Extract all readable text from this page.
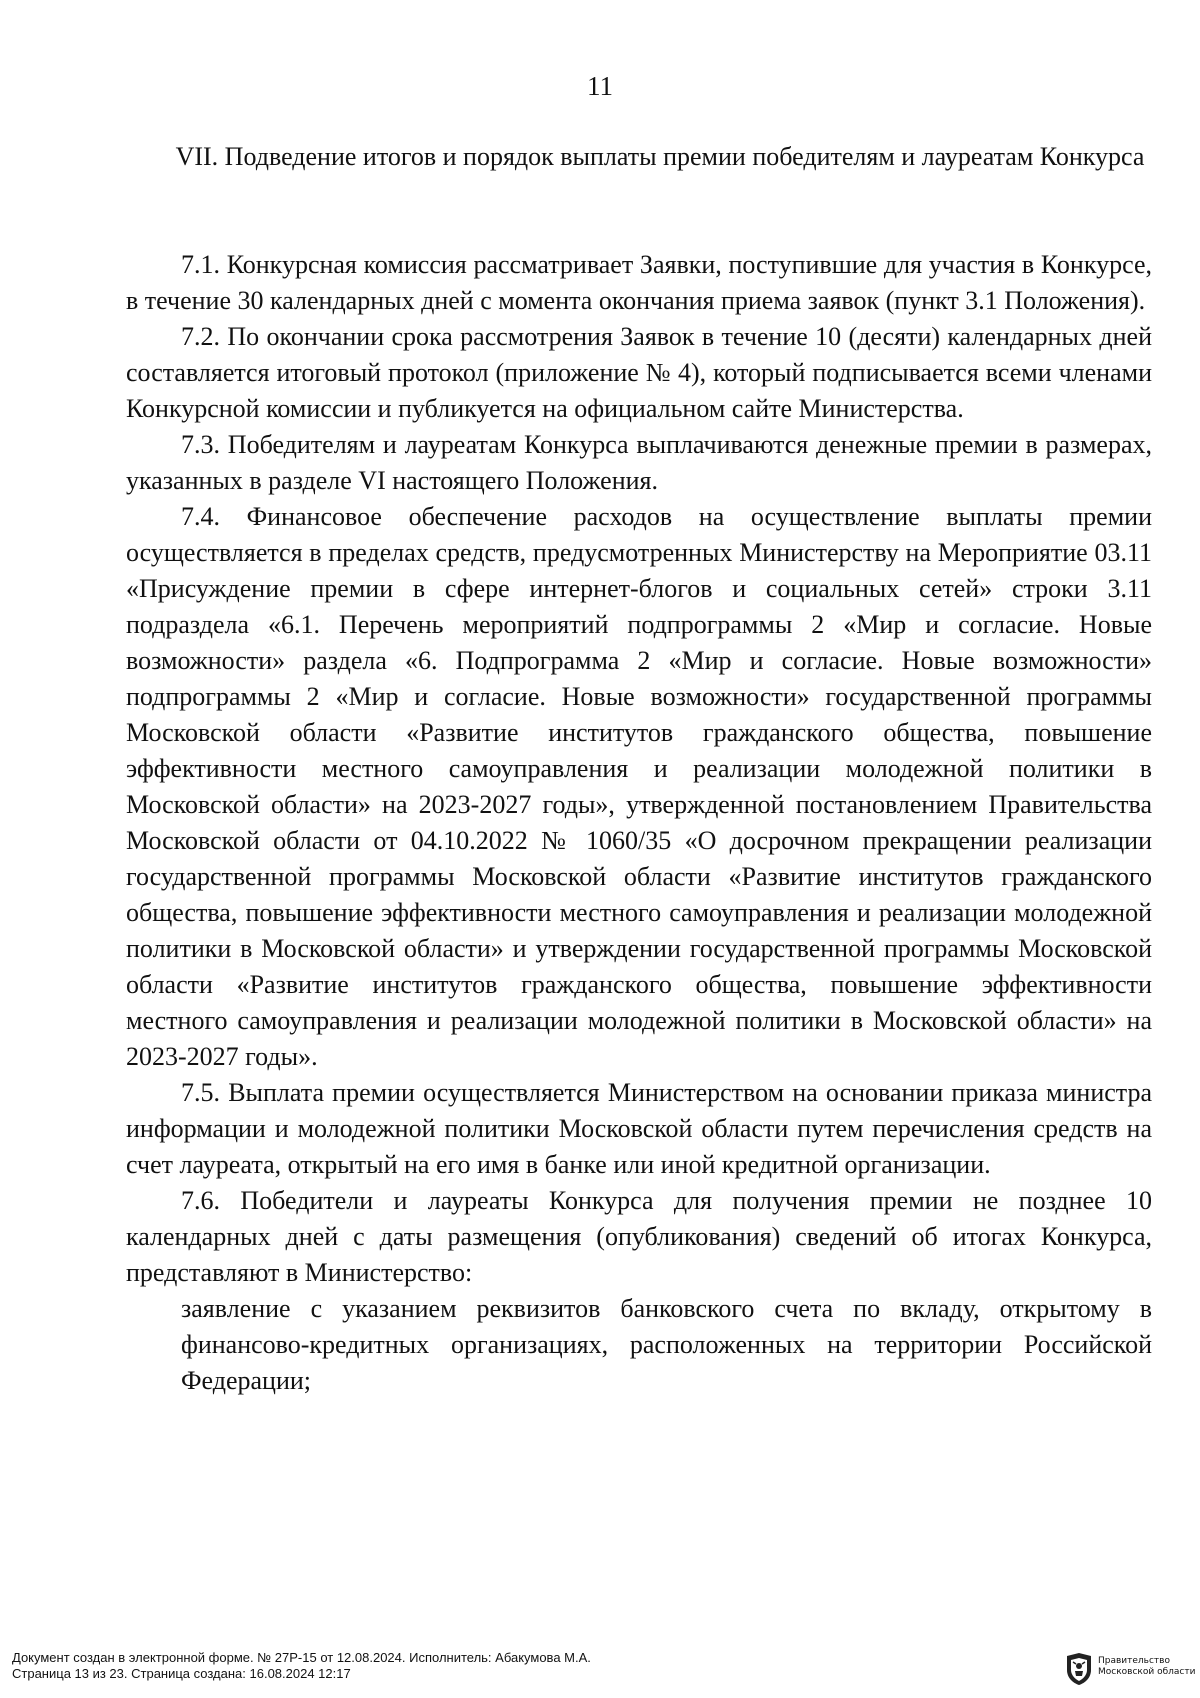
11
VII. Подведение итогов и порядок выплаты премии победителям и лауреатам Конкурса

7.1. Конкурсная комиссия рассматривает Заявки, поступившие для участия в Конкурсе, в течение 30 календарных дней с момента окончания приема заявок (пункт 3.1 Положения).

7.2. По окончании срока рассмотрения Заявок в течение 10 (десяти) календарных дней составляется итоговый протокол (приложение № 4), который подписывается всеми членами Конкурсной комиссии и публикуется на официальном сайте Министерства.

7.3. Победителям и лауреатам Конкурса выплачиваются денежные премии в размерах, указанных в разделе VI настоящего Положения.

7.4. Финансовое обеспечение расходов на осуществление выплаты премии осуществляется в пределах средств, предусмотренных Министерству на Мероприятие 03.11 «Присуждение премии в сфере интернет-блогов и социальных сетей» строки 3.11 подраздела «6.1. Перечень мероприятий подпрограммы 2 «Мир и согласие. Новые возможности» раздела «6. Подпрограмма 2 «Мир и согласие. Новые возможности» подпрограммы 2 «Мир и согласие. Новые возможности» государственной программы Московской области «Развитие институтов гражданского общества, повышение эффективности местного самоуправления и реализации молодежной политики в Московской области» на 2023-2027 годы», утвержденной постановлением Правительства Московской области от 04.10.2022 № 1060/35 «О досрочном прекращении реализации государственной программы Московской области «Развитие институтов гражданского общества, повышение эффективности местного самоуправления и реализации молодежной политики в Московской области» и утверждении государственной программы Московской области «Развитие институтов гражданского общества, повышение эффективности местного самоуправления и реализации молодежной политики в Московской области» на 2023-2027 годы».

7.5. Выплата премии осуществляется Министерством на основании приказа министра информации и молодежной политики Московской области путем перечисления средств на счет лауреата, открытый на его имя в банке или иной кредитной организации.

7.6. Победители и лауреаты Конкурса для получения премии не позднее 10 календарных дней с даты размещения (опубликования) сведений об итогах Конкурса, представляют в Министерство:

заявление с указанием реквизитов банковского счета по вкладу, открытому в финансово-кредитных организациях, расположенных на территории Российской Федерации;

Документ создан в электронной форме. № 27Р-15 от 12.08.2024. Исполнитель: Абакумова М.А.
Страница 13 из 23. Страница создана: 16.08.2024 12:17
Правительство
Московской области
